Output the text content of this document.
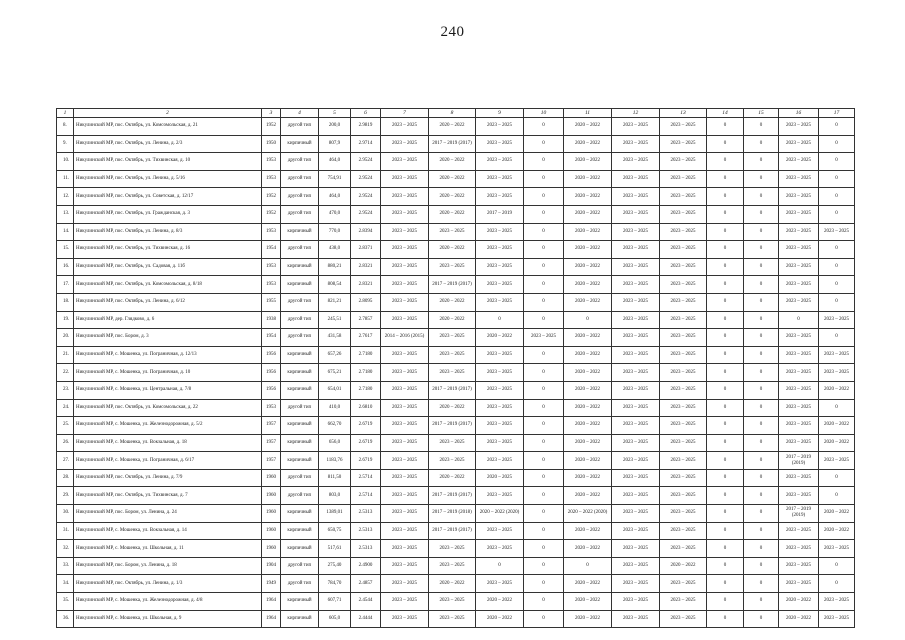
240
1	2	3	4	5	6	7	8	9	10	11	12	13	14	15	16	17
8.	Никулинский МР, пос. Октябрь, ул. Комсомольская, д. 21	1952	другой тип	200,0	2.9819	2023 – 2025	2020 – 2022	2023 – 2025	0	2020 – 2022	2023 – 2025	2023 – 2025	0	0	2023 – 2025	0
9.	Никулинский МР, пос. Октябрь, ул. Ленина, д. 2/3	1950	кирпичный	807,9	2.9714	2023 – 2025	2017 – 2019 (2017)	2023 – 2025	0	2020 – 2022	2023 – 2025	2023 – 2025	0	0	2023 – 2025	0
10.	Никулинский МР, пос. Октябрь, ул. Тихвинская, д. 10	1953	другой тип	464,0	2.9524	2023 – 2025	2020 – 2022	2023 – 2025	0	2020 – 2022	2023 – 2025	2023 – 2025	0	0	2023 – 2025	0
11.	Никулинский МР, пос. Октябрь, ул. Ленина, д. 5/16	1953	другой тип	754,91	2.9524	2023 – 2025	2020 – 2022	2023 – 2025	0	2020 – 2022	2023 – 2025	2023 – 2025	0	0	2023 – 2025	0
12.	Никулинский МР, пос. Октябрь, ул. Советская, д. 12/17	1952	другой тип	464,0	2.9524	2023 – 2025	2020 – 2022	2023 – 2025	0	2020 – 2022	2023 – 2025	2023 – 2025	0	0	2023 – 2025	0
13.	Никулинский МР, пос. Октябрь, ул. Гражданская, д. 3	1952	другой тип	470,0	2.9524	2023 – 2025	2020 – 2022	2017 – 2019	0	2020 – 2022	2023 – 2025	2023 – 2025	0	0	2023 – 2025	0
14.	Никулинский МР, пос. Октябрь, ул. Ленина, д. 8/3	1953	кирпичный	770,0	2.8394	2023 – 2025	2023 – 2025	2023 – 2025	0	2020 – 2022	2023 – 2025	2023 – 2025	0	0	2023 – 2025	2023 – 2025
15.	Никулинский МР, пос. Октябрь, ул. Тихвинская, д. 16	1954	другой тип	438,0	2.8371	2023 – 2025	2020 – 2022	2023 – 2025	0	2020 – 2022	2023 – 2025	2023 – 2025	0	0	2023 – 2025	0
16.	Никулинский МР, пос. Октябрь, ул. Садовая, д. 11б	1953	кирпичный	880,21	2.8321	2023 – 2025	2023 – 2025	2023 – 2025	0	2020 – 2022	2023 – 2025	2023 – 2025	0	0	2023 – 2025	0
17.	Никулинский МР, пос. Октябрь, ул. Комсомольская, д. 8/18	1953	кирпичный	808,54	2.8321	2023 – 2025	2017 – 2019 (2017)	2023 – 2025	0	2020 – 2022	2023 – 2025	2023 – 2025	0	0	2023 – 2025	0
18.	Никулинский МР, пос. Октябрь, ул. Ленина, д. 6/12	1955	другой тип	821,21	2.8095	2023 – 2025	2020 – 2022	2023 – 2025	0	2020 – 2022	2023 – 2025	2023 – 2025	0	0	2023 – 2025	0
19.	Никулинский МР, дер. Глядково, д. 6	1938	другой тип	245,51	2.7857	2023 – 2025	2020 – 2022	0	0	0	2023 – 2025	2023 – 2025	0	0	0	2023 – 2025
20.	Никулинский МР, пос. Бором, д. 3	1954	другой тип	431,58	2.7617	2014 – 2016 (2015)	2023 – 2025	2020 – 2022	2023 – 2025	2020 – 2022	2023 – 2025	2023 – 2025	0	0	2023 – 2025	0
21.	Никулинский МР, с. Мошенка, ул. Пограничная, д. 12/13	1956	кирпичный	657,26	2.7180	2023 – 2025	2023 – 2025	2023 – 2025	0	2020 – 2022	2023 – 2025	2023 – 2025	0	0	2023 – 2025	2023 – 2025
22.	Никулинский МР, с. Мошенка, ул. Пограничная, д. 10	1956	кирпичный	675,21	2.7180	2023 – 2025	2023 – 2025	2023 – 2025	0	2020 – 2022	2023 – 2025	2023 – 2025	0	0	2023 – 2025	2023 – 2025
23.	Никулинский МР, с. Мошенка, ул. Центральная, д. 7/8	1956	кирпичный	654,01	2.7180	2023 – 2025	2017 – 2019 (2017)	2023 – 2025	0	2020 – 2022	2023 – 2025	2023 – 2025	0	0	2023 – 2025	2020 – 2022
24.	Никулинский МР, пос. Октябрь, ул. Комсомольская, д. 22	1953	другой тип	410,0	2.6810	2023 – 2025	2020 – 2022	2023 – 2025	0	2020 – 2022	2023 – 2025	2023 – 2025	0	0	2023 – 2025	0
25.	Никулинский МР, с. Мошенка, ул. Железнодорожная, д. 5/2	1957	кирпичный	662,70	2.6719	2023 – 2025	2017 – 2019 (2017)	2023 – 2025	0	2020 – 2022	2023 – 2025	2023 – 2025	0	0	2023 – 2025	2020 – 2022
26.	Никулинский МР, с. Мошенка, ул. Вокзальная, д. 18	1957	кирпичный	656,0	2.6719	2023 – 2025	2023 – 2025	2023 – 2025	0	2020 – 2022	2023 – 2025	2023 – 2025	0	0	2023 – 2025	2020 – 2022
27.	Никулинский МР, с. Мошенка, ул. Пограничная, д. 6/17	1957	кирпичный	1183,76	2.6719	2023 – 2025	2023 – 2025	2023 – 2025	0	2020 – 2022	2023 – 2025	2023 – 2025	0	0	2017 – 2019 (2019)	2023 – 2025
28.	Никулинский МР, пос. Октябрь, ул. Ленина, д. 7/9	1960	другой тип	811,50	2.5714	2023 – 2025	2020 – 2022	2020 – 2025	0	2020 – 2022	2023 – 2025	2023 – 2025	0	0	2023 – 2025	0
29.	Никулинский МР, пос. Октябрь, ул. Тихвинская, д. 7	1960	другой тип	803,0	2.5714	2023 – 2025	2017 – 2019 (2017)	2023 – 2025	0	2020 – 2022	2023 – 2025	2023 – 2025	0	0	2023 – 2025	0
30.	Никулинский МР, пос. Бором, ул. Ленина, д. 24	1960	кирпичный	1389,01	2.5313	2023 – 2025	2017 – 2019 (2018)	2020 – 2022 (2020)	0	2020 – 2022 (2020)	2023 – 2025	2023 – 2025	0	0	2017 – 2019 (2019)	2020 – 2022
31.	Никулинский МР, с. Мошенка, ул. Вокзальная, д. 14	1960	кирпичный	650,75	2.5313	2023 – 2025	2017 – 2019 (2017)	2023 – 2025	0	2020 – 2022	2023 – 2025	2023 – 2025	0	0	2023 – 2025	2020 – 2022
32.	Никулинский МР, с. Мошенка, ул. Школьная, д. 11	1960	кирпичный	517,61	2.5313	2023 – 2025	2023 – 2025	2023 – 2025	0	2020 – 2022	2023 – 2025	2023 – 2025	0	0	2023 – 2025	2023 – 2025
33.	Никулинский МР, пос. Бором, ул. Ленина, д. 18	1904	другой тип	275,40	2.4900	2023 – 2025	2023 – 2025	0	0	0	2023 – 2025	2020 – 2022	0	0	2023 – 2025	0
34.	Никулинский МР, пос. Октябрь, ул. Ленина, д. 1/3	1949	другой тип	784,70	2.4857	2023 – 2025	2020 – 2022	2023 – 2025	0	2020 – 2022	2023 – 2025	2023 – 2025	0	0	2023 – 2025	0
35.	Никулинский МР, с. Мошенка, ул. Железнодорожная, д. 4/8	1964	кирпичный	607,71	2.4544	2023 – 2025	2023 – 2025	2020 – 2022	0	2020 – 2022	2023 – 2025	2023 – 2025	0	0	2020 – 2022	2023 – 2025
36.	Никулинский МР, с. Мошенка, ул. Школьная, д. 9	1964	кирпичный	605,0	2.4444	2023 – 2025	2023 – 2025	2020 – 2022	0	2020 – 2022	2023 – 2025	2023 – 2025	0	0	2020 – 2022	2023 – 2025
